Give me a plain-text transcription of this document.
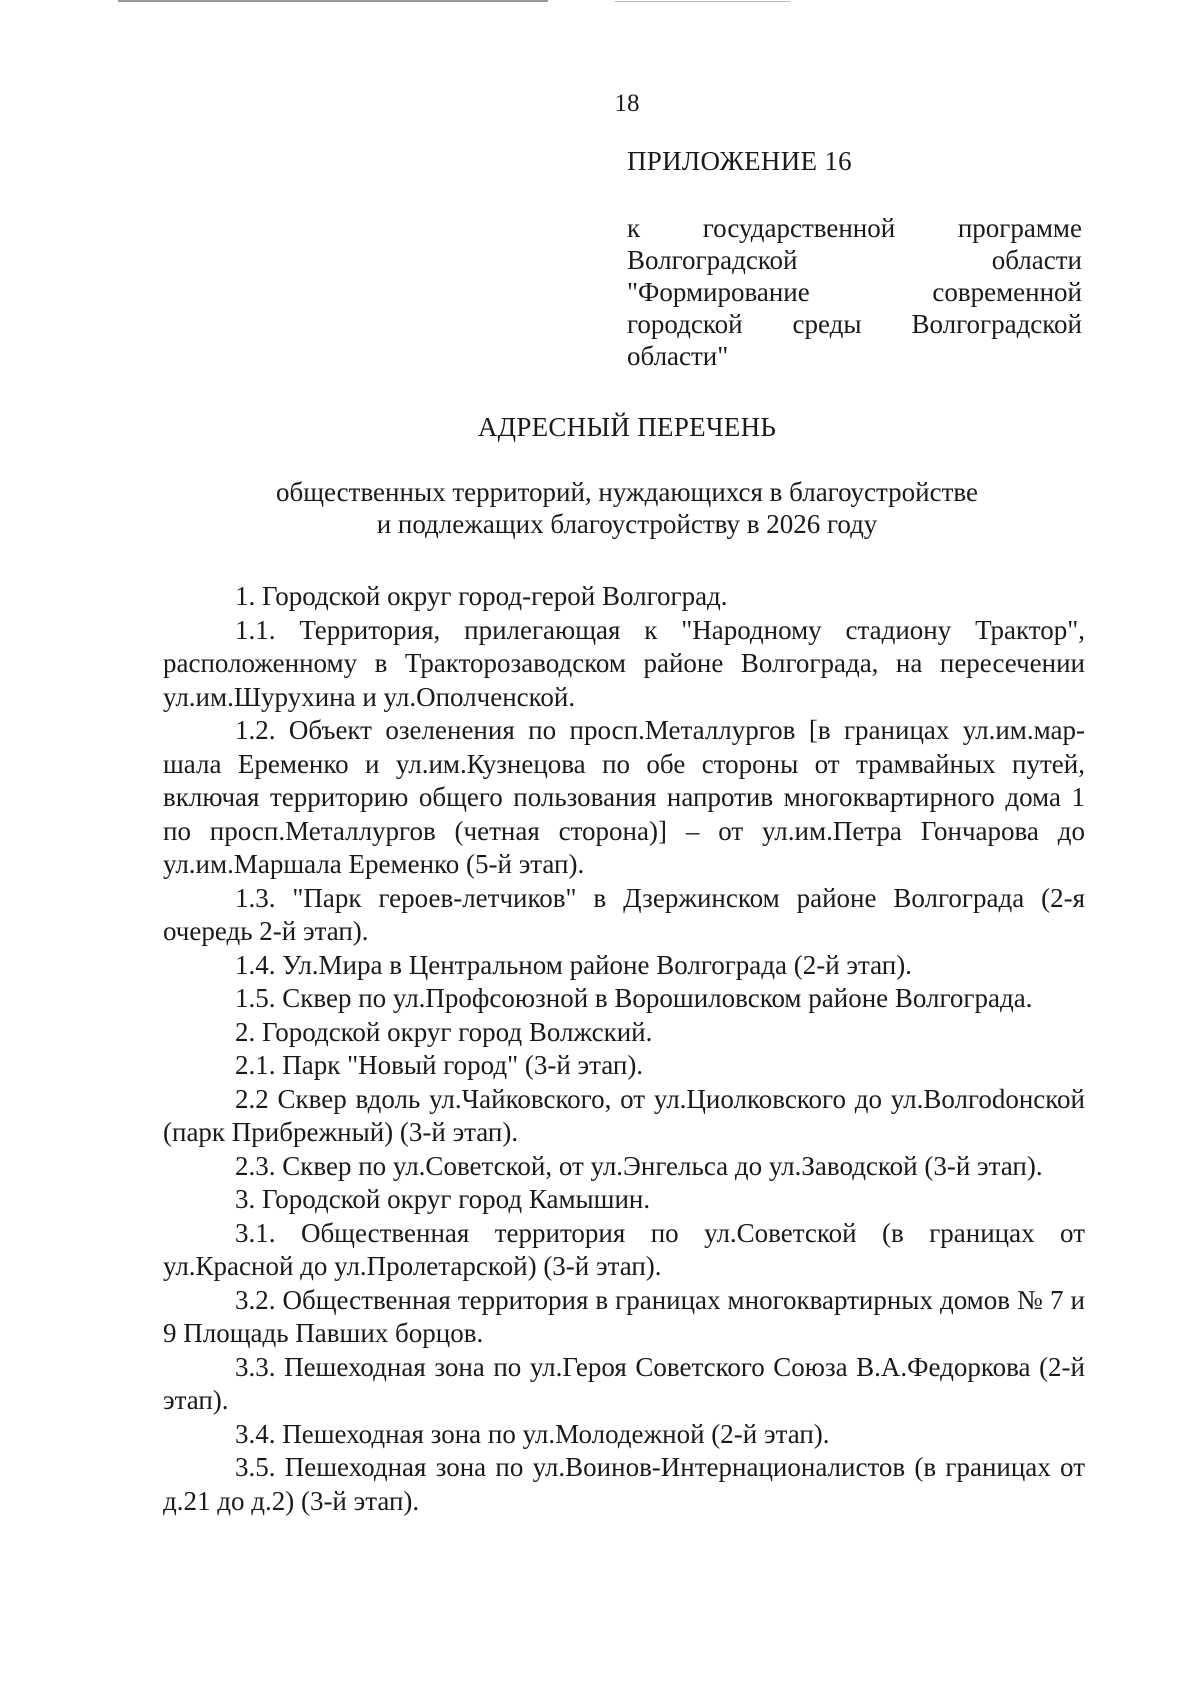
18
ПРИЛОЖЕНИЕ 16
к государственной программе Волгоградской области "Формирование современной городской среды Волгоградской области"
АДРЕСНЫЙ ПЕРЕЧЕНЬ
общественных территорий, нуждающихся в благоустройстве
и подлежащих благоустройству в 2026 году

1. Городской округ город-герой Волгоград.

1.1. Территория, прилегающая к "Народному стадиону Трактор", расположенному в Тракторозаводском районе Волгограда, на пересечении ул.им.Шурухина и ул.Ополченской.

1.2. Объект озеленения по просп.Металлургов [в границах ул.им.маршала Еременко и ул.им.Кузнецова по обе стороны от трамвайных путей, включая территорию общего пользования напротив многоквартирного дома 1 по просп.Металлургов (четная сторона)] – от ул.им.Петра Гончарова до ул.им.Маршала Еременко (5-й этап).

1.3. "Парк героев-летчиков" в Дзержинском районе Волгограда (2-я очередь 2-й этап).

1.4. Ул.Мира в Центральном районе Волгограда (2-й этап).

1.5. Сквер по ул.Профсоюзной в Ворошиловском районе Волгограда.

2. Городской округ город Волжский.

2.1. Парк "Новый город" (3-й этап).

2.2 Сквер вдоль ул.Чайковского, от ул.Циолковского до ул.Волгоdонской (парк Прибрежный) (3-й этап).

2.3. Сквер по ул.Советской, от ул.Энгельса до ул.Заводской (3-й этап).

3. Городской округ город Камышин.

3.1. Общественная территория по ул.Советской (в границах от ул.Красной до ул.Пролетарской) (3-й этап).

3.2. Общественная территория в границах многоквартирных домов № 7 и 9 Площадь Павших борцов.

3.3. Пешеходная зона по ул.Героя Советского Союза В.А.Федоркова (2-й этап).

3.4. Пешеходная зона по ул.Молодежной (2-й этап).

3.5. Пешеходная зона по ул.Воинов-Интернационалистов (в границах от д.21 до д.2) (3-й этап).
